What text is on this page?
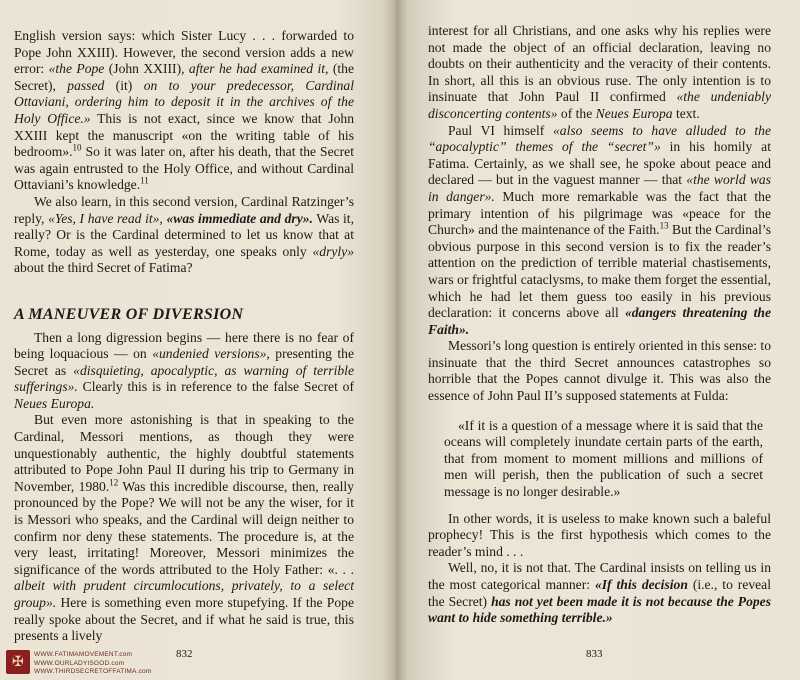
English version says: which Sister Lucy . . . forwarded to Pope John XXIII). However, the second version adds a new error: «the Pope (John XXIII), after he had examined it, (the Secret), passed (it) on to your predecessor, Cardinal Ottaviani, ordering him to deposit it in the archives of the Holy Office.» This is not exact, since we know that John XXIII kept the manuscript «on the writing table of his bedroom».$^{10}$ So it was later on, after his death, that the Secret was again entrusted to the Holy Office, and without Cardinal Ottaviani’s knowledge.$^{11}$

We also learn, in this second version, Cardinal Ratzinger’s reply, «Yes, I have read it», «was immediate and dry». Was it, really? Or is the Cardinal determined to let us know that at Rome, today as well as yesterday, one speaks only «dryly» about the third Secret of Fatima?

A MANEUVER OF DIVERSION

Then a long digression begins — here there is no fear of being loquacious — on «undenied versions», presenting the Secret as «disquieting, apocalyptic, as warning of terrible sufferings». Clearly this is in reference to the false Secret of Neues Europa.

But even more astonishing is that in speaking to the Cardinal, Messori mentions, as though they were unquestionably authentic, the highly doubtful statements attributed to Pope John Paul II during his trip to Germany in November, 1980.12 Was this incredible discourse, then, really pronounced by the Pope? We will not be any the wiser, for it is Messori who speaks, and the Cardinal will deign neither to confirm nor deny these statements. The procedure is, at the very least, irritating! Moreover, Messori minimizes the significance of the words attributed to the Holy Father: «. . . albeit with prudent circumlocutions, privately, to a select group». Here is something even more stupefying. If the Pope really spoke about the Secret, and if what he said is true, this presents a lively

832
✠	WWW.FATIMAMOVEMENT.com
WWW.OURLADYISGOD.com
WWW.THIRDSECRETOFFATIMA.com

interest for all Christians, and one asks why his replies were not made the object of an official declaration, leaving no doubts on their authenticity and the veracity of their contents. In short, all this is an obvious ruse. The only intention is to insinuate that John Paul II confirmed «the undeniably disconcerting contents» of the Neues Europa text.

Paul VI himself «also seems to have alluded to the “apocalyptic” themes of the “secret”» in his homily at Fatima. Certainly, as we shall see, he spoke about peace and declared — but in the vaguest manner — that «the world was in danger». Much more remarkable was the fact that the primary intention of his pilgrimage was «peace for the Church» and the maintenance of the Faith.$^{13}$ But the Cardinal’s obvious purpose in this second version is to fix the reader’s attention on the prediction of terrible material chastisements, wars or frightful cataclysms, to make them forget the essential, which he had let them guess too easily in his previous declaration: it concerns above all «dangers threatening the Faith».

Messori’s long question is entirely oriented in this sense: to insinuate that the third Secret announces catastrophes so horrible that the Popes cannot divulge it. This was also the essence of John Paul II’s supposed statements at Fulda:

«If it is a question of a message where it is said that the oceans will completely inundate certain parts of the earth, that from moment to moment millions and millions of men will perish, then the publication of such a secret message is no longer desirable.»

In other words, it is useless to make known such a baleful prophecy! This is the first hypothesis which comes to the reader’s mind . . .

Well, no, it is not that. The Cardinal insists on telling us in the most categorical manner: «If this decision (i.e., to reveal the Secret) has not yet been made it is not because the Popes want to hide something terrible.»

833
